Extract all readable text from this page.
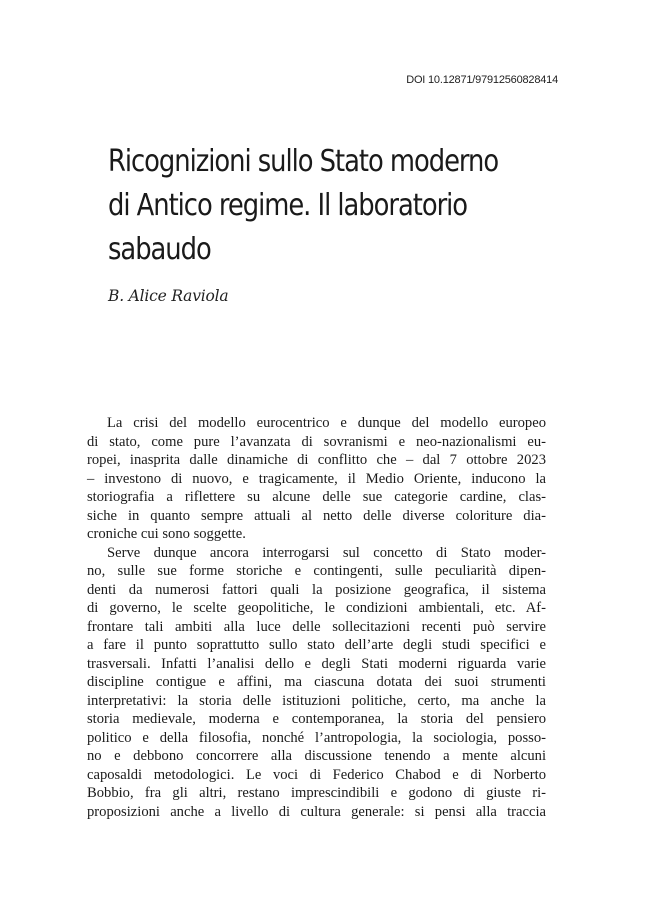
DOI 10.12871/97912560828414
Ricognizioni sullo Stato moderno
di Antico regime. Il laboratorio
sabaudo
B. Alice Raviola

La crisi del modello eurocentrico e dunque del modello europeo
di stato, come pure l’avanzata di sovranismi e neo-nazionalismi eu-
ropei, inasprita dalle dinamiche di conflitto che – dal 7 ottobre 2023
– investono di nuovo, e tragicamente, il Medio Oriente, inducono la
storiografia a riflettere su alcune delle sue categorie cardine, clas-
siche in quanto sempre attuali al netto delle diverse coloriture dia-
croniche cui sono soggette.

Serve dunque ancora interrogarsi sul concetto di Stato moder-
no, sulle sue forme storiche e contingenti, sulle peculiarità dipen-
denti da numerosi fattori quali la posizione geografica, il sistema
di governo, le scelte geopolitiche, le condizioni ambientali, etc. Af-
frontare tali ambiti alla luce delle sollecitazioni recenti può servire
a fare il punto soprattutto sullo stato dell’arte degli studi specifici e
trasversali. Infatti l’analisi dello e degli Stati moderni riguarda varie
discipline contigue e affini, ma ciascuna dotata dei suoi strumenti
interpretativi: la storia delle istituzioni politiche, certo, ma anche la
storia medievale, moderna e contemporanea, la storia del pensiero
politico e della filosofia, nonché l’antropologia, la sociologia, posso-
no e debbono concorrere alla discussione tenendo a mente alcuni
caposaldi metodologici. Le voci di Federico Chabod e di Norberto
Bobbio, fra gli altri, restano imprescindibili e godono di giuste ri-
proposizioni anche a livello di cultura generale: si pensi alla traccia
